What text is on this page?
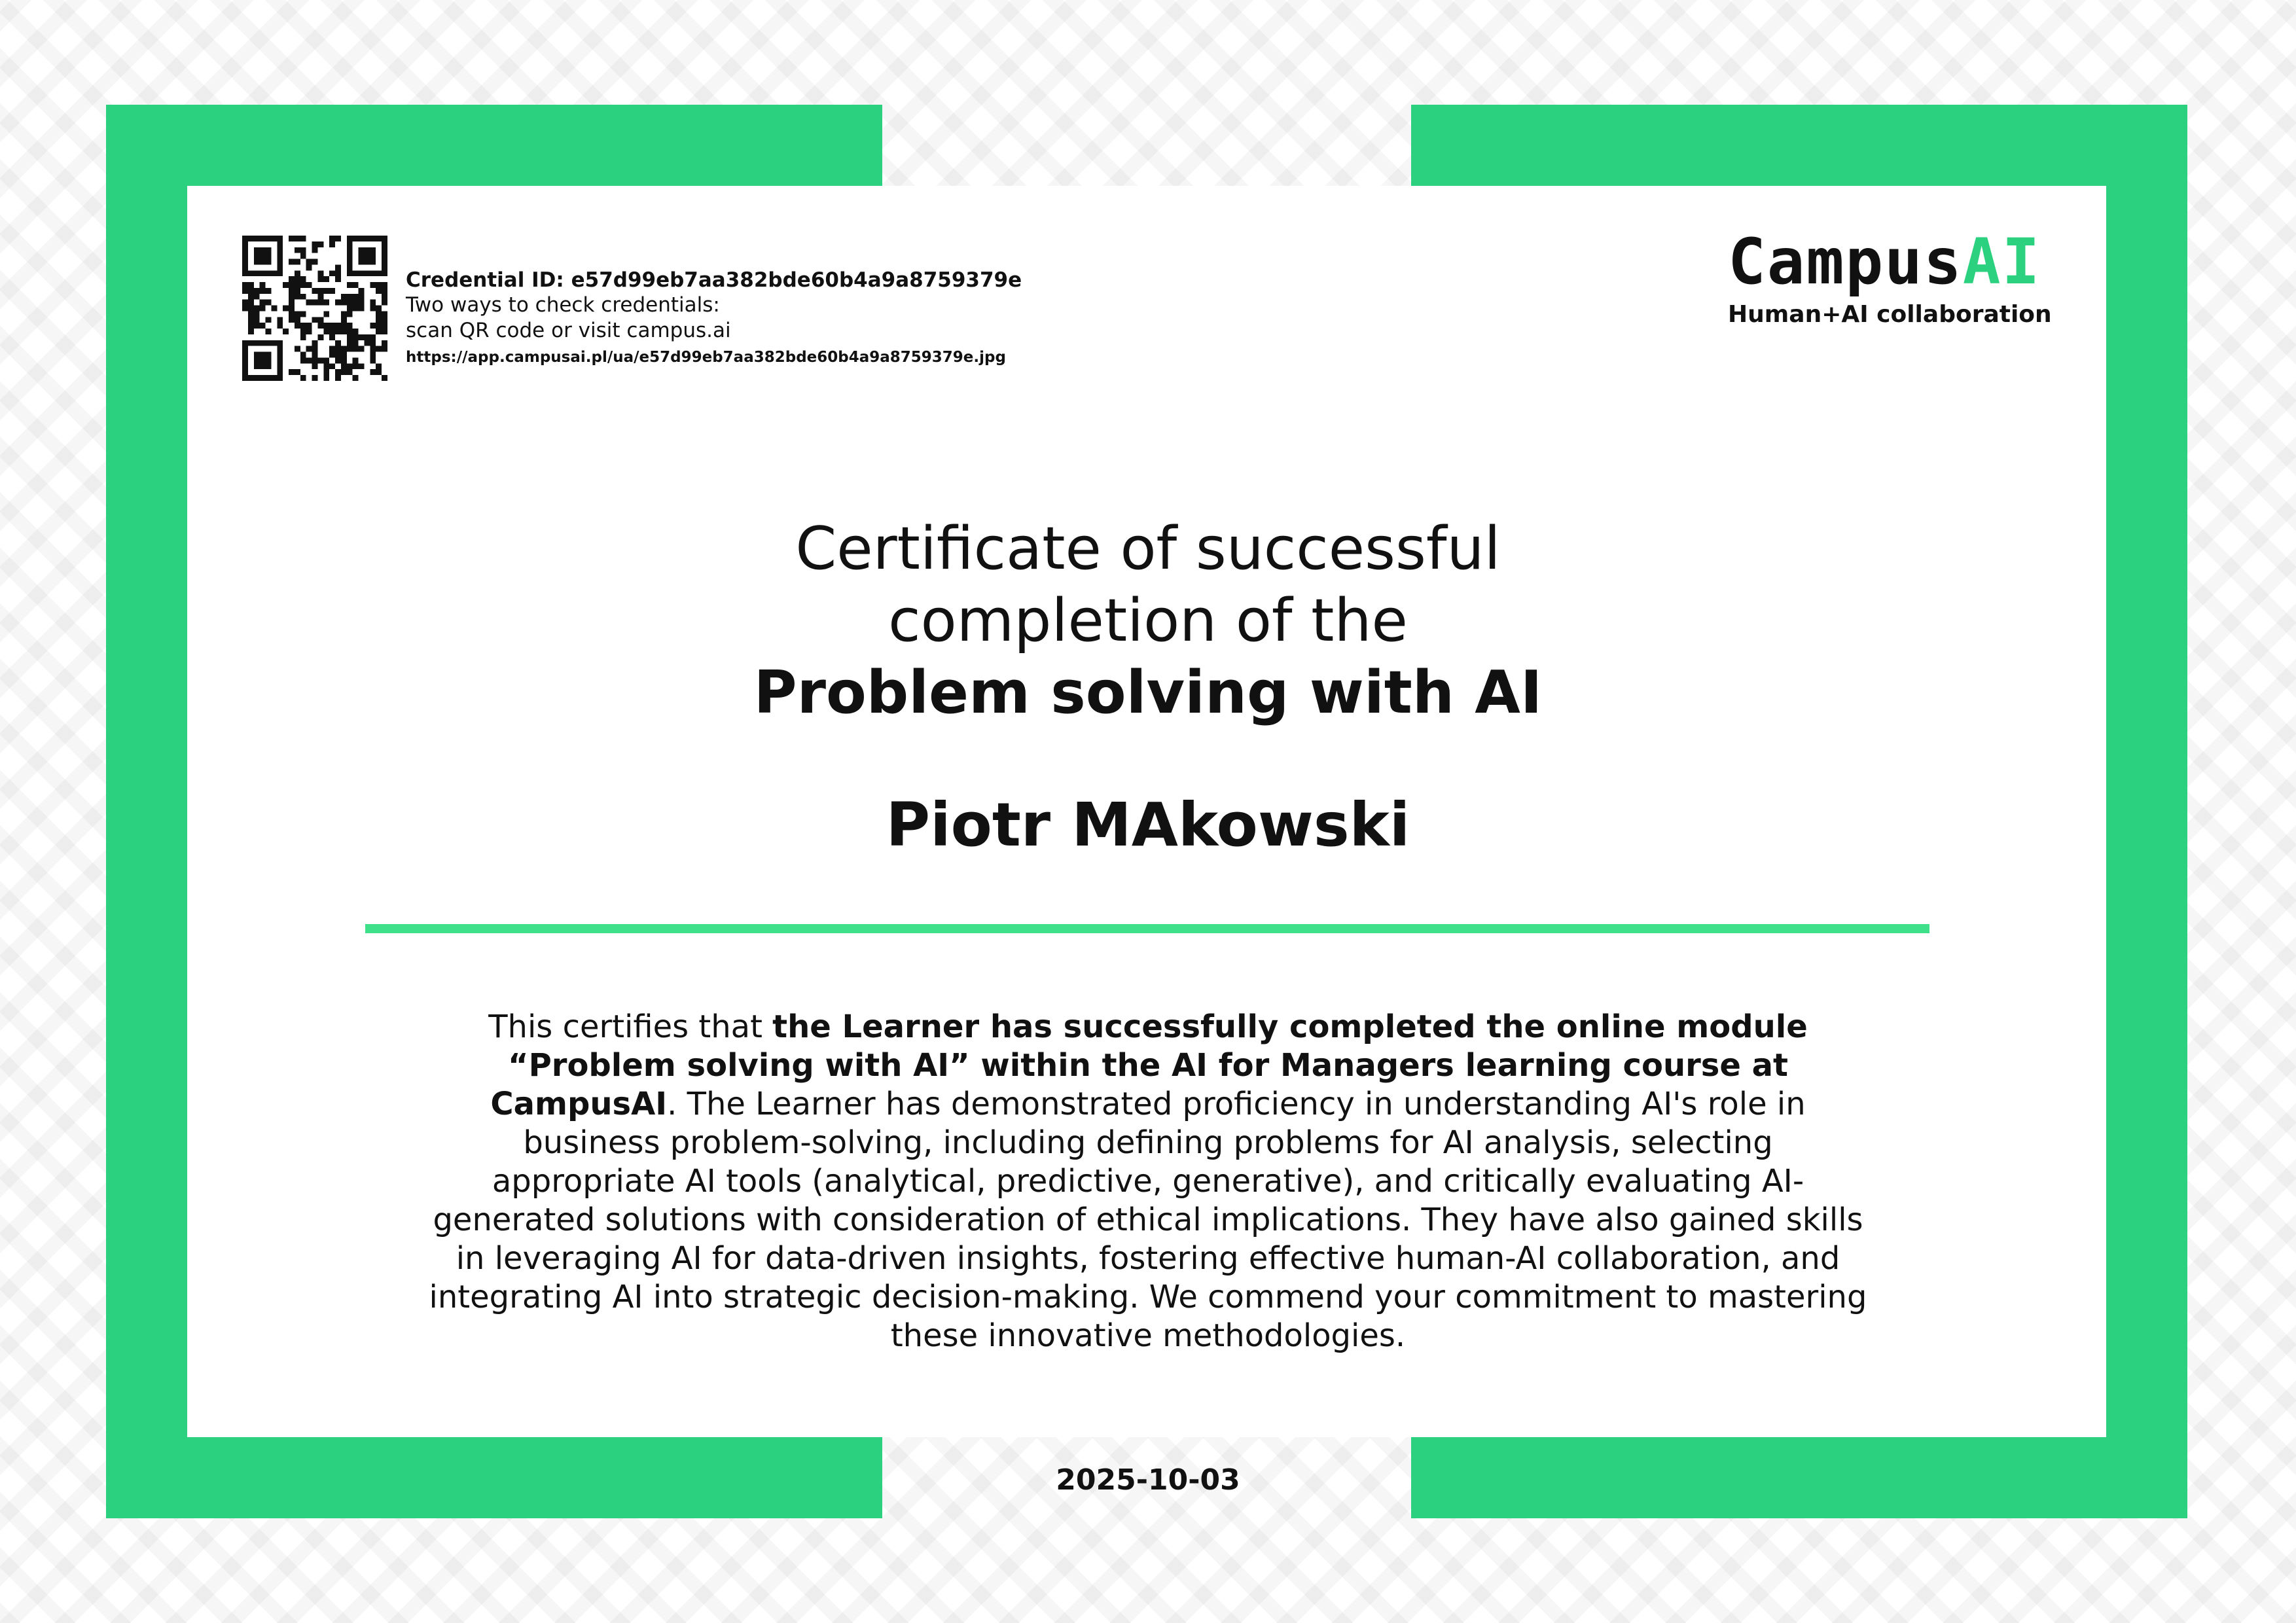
Credential ID: e57d99eb7aa382bde60b4a9a8759379e
Two ways to check credentials:
scan QR code or visit campus.ai
https://app.campusai.pl/ua/e57d99eb7aa382bde60b4a9a8759379e.jpg
CampusAI
Human+AI collaboration
Certificate of successful
completion of the
Problem solving with AI
Piotr MAkowski
This certifies that the Learner has successfully completed the online module “Problem solving with AI” within the AI for Managers learning course at CampusAI. The Learner has demonstrated proficiency in understanding AI's role in business problem-solving, including defining problems for AI analysis, selecting appropriate AI tools (analytical, predictive, generative), and critically evaluating AI-generated solutions with consideration of ethical implications. They have also gained skills in leveraging AI for data-driven insights, fostering effective human-AI collaboration, and integrating AI into strategic decision-making. We commend your commitment to mastering these innovative methodologies.
2025-10-03
